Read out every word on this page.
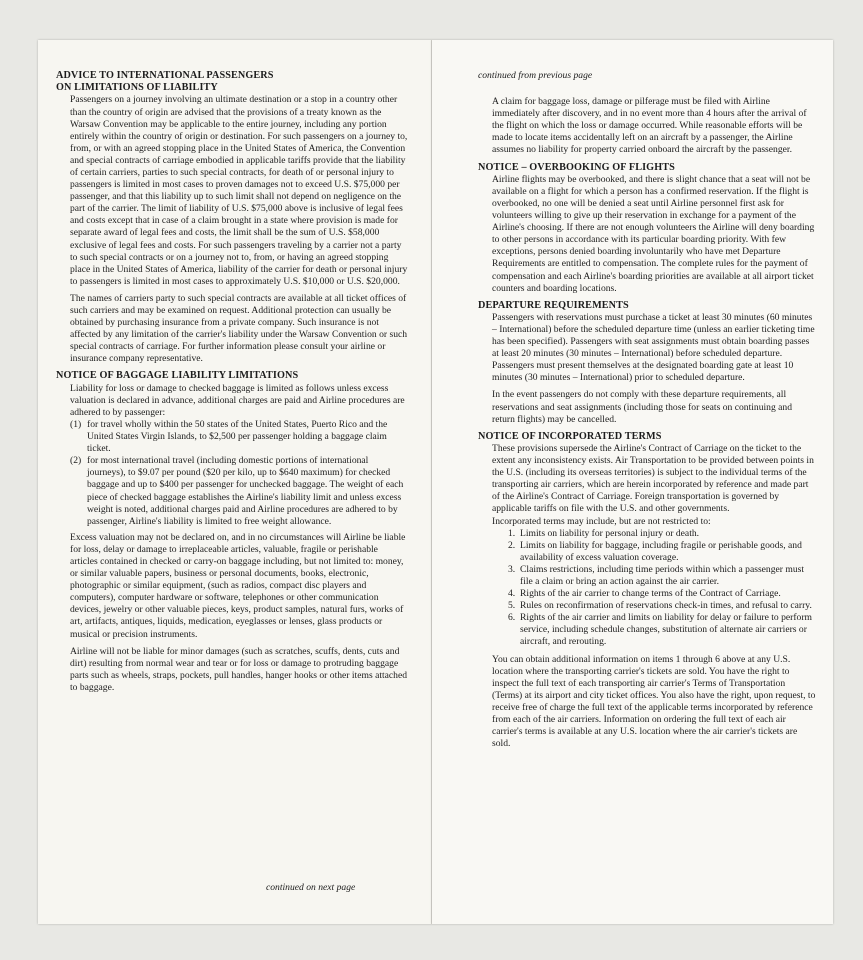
ADVICE TO INTERNATIONAL PASSENGERS
ON LIMITATIONS OF LIABILITY

Passengers on a journey involving an ultimate destination or a stop in a country other than the country of origin are advised that the provisions of a treaty known as the Warsaw Convention may be applicable to the entire journey, including any portion entirely within the country of origin or destination. For such passengers on a journey to, from, or with an agreed stopping place in the United States of America, the Convention and special contracts of carriage embodied in applicable tariffs provide that the liability of certain carriers, parties to such special contracts, for death of or personal injury to passengers is limited in most cases to proven damages not to exceed U.S. $75,000 per passenger, and that this liability up to such limit shall not depend on negligence on the part of the carrier. The limit of liability of U.S. $75,000 above is inclusive of legal fees and costs except that in case of a claim brought in a state where provision is made for separate award of legal fees and costs, the limit shall be the sum of U.S. $58,000 exclusive of legal fees and costs. For such passengers traveling by a carrier not a party to such special contracts or on a journey not to, from, or having an agreed stopping place in the United States of America, liability of the carrier for death or personal injury to passengers is limited in most cases to approximately U.S. $10,000 or U.S. $20,000.

The names of carriers party to such special contracts are available at all ticket offices of such carriers and may be examined on request. Additional protection can usually be obtained by purchasing insurance from a private company. Such insurance is not affected by any limitation of the carrier's liability under the Warsaw Convention or such special contracts of carriage. For further information please consult your airline or insurance company representative.

NOTICE OF BAGGAGE LIABILITY LIMITATIONS

Liability for loss or damage to checked baggage is limited as follows unless excess valuation is declared in advance, additional charges are paid and Airline procedures are adhered to by passenger:

(1) for travel wholly within the 50 states of the United States, Puerto Rico and the United States Virgin Islands, to $2,500 per passenger holding a baggage claim ticket.
(2) for most international travel (including domestic portions of international journeys), to $9.07 per pound ($20 per kilo, up to $640 maximum) for checked baggage and up to $400 per passenger for unchecked baggage. The weight of each piece of checked baggage establishes the Airline's liability limit and unless excess weight is noted, additional charges paid and Airline procedures are adhered to by passenger, Airline's liability is limited to free weight allowance.

Excess valuation may not be declared on, and in no circumstances will Airline be liable for loss, delay or damage to irreplaceable articles, valuable, fragile or perishable articles contained in checked or carry-on baggage including, but not limited to: money, or similar valuable papers, business or personal documents, books, electronic, photographic or similar equipment, (such as radios, compact disc players and computers), computer hardware or software, telephones or other communication devices, jewelry or other valuable pieces, keys, product samples, natural furs, works of art, artifacts, antiques, liquids, medication, eyeglasses or lenses, glass products or musical or precision instruments.

Airline will not be liable for minor damages (such as scratches, scuffs, dents, cuts and dirt) resulting from normal wear and tear or for loss or damage to protruding baggage parts such as wheels, straps, pockets, pull handles, hanger hooks or other items attached to baggage.

continued on next page
continued from previous page

A claim for baggage loss, damage or pilferage must be filed with Airline immediately after discovery, and in no event more than 4 hours after the arrival of the flight on which the loss or damage occurred. While reasonable efforts will be made to locate items accidentally left on an aircraft by a passenger, the Airline assumes no liability for property carried onboard the aircraft by the passenger.

NOTICE – OVERBOOKING OF FLIGHTS

Airline flights may be overbooked, and there is slight chance that a seat will not be available on a flight for which a person has a confirmed reservation. If the flight is overbooked, no one will be denied a seat until Airline personnel first ask for volunteers willing to give up their reservation in exchange for a payment of the Airline's choosing. If there are not enough volunteers the Airline will deny boarding to other persons in accordance with its particular boarding priority. With few exceptions, persons denied boarding involuntarily who have met Departure Requirements are entitled to compensation. The complete rules for the payment of compensation and each Airline's boarding priorities are available at all airport ticket counters and boarding locations.

DEPARTURE REQUIREMENTS

Passengers with reservations must purchase a ticket at least 30 minutes (60 minutes – International) before the scheduled departure time (unless an earlier ticketing time has been specified). Passengers with seat assignments must obtain boarding passes at least 20 minutes (30 minutes – International) before scheduled departure. Passengers must present themselves at the designated boarding gate at least 10 minutes (30 minutes – International) prior to scheduled departure.

In the event passengers do not comply with these departure requirements, all reservations and seat assignments (including those for seats on continuing and return flights) may be cancelled.

NOTICE OF INCORPORATED TERMS

These provisions supersede the Airline's Contract of Carriage on the ticket to the extent any inconsistency exists. Air Transportation to be provided between points in the U.S. (including its overseas territories) is subject to the individual terms of the transporting air carriers, which are herein incorporated by reference and made part of the Airline's Contract of Carriage. Foreign transportation is governed by applicable tariffs on file with the U.S. and other governments.

Incorporated terms may include, but are not restricted to:

1. Limits on liability for personal injury or death.
2. Limits on liability for baggage, including fragile or perishable goods, and availability of excess valuation coverage.
3. Claims restrictions, including time periods within which a passenger must file a claim or bring an action against the air carrier.
4. Rights of the air carrier to change terms of the Contract of Carriage.
5. Rules on reconfirmation of reservations check-in times, and refusal to carry.
6. Rights of the air carrier and limits on liability for delay or failure to perform service, including schedule changes, substitution of alternate air carriers or aircraft, and rerouting.

You can obtain additional information on items 1 through 6 above at any U.S. location where the transporting carrier's tickets are sold. You have the right to inspect the full text of each transporting air carrier's Terms of Transportation (Terms) at its airport and city ticket offices. You also have the right, upon request, to receive free of charge the full text of the applicable terms incorporated by reference from each of the air carriers. Information on ordering the full text of each air carrier's terms is available at any U.S. location where the air carrier's tickets are sold.
